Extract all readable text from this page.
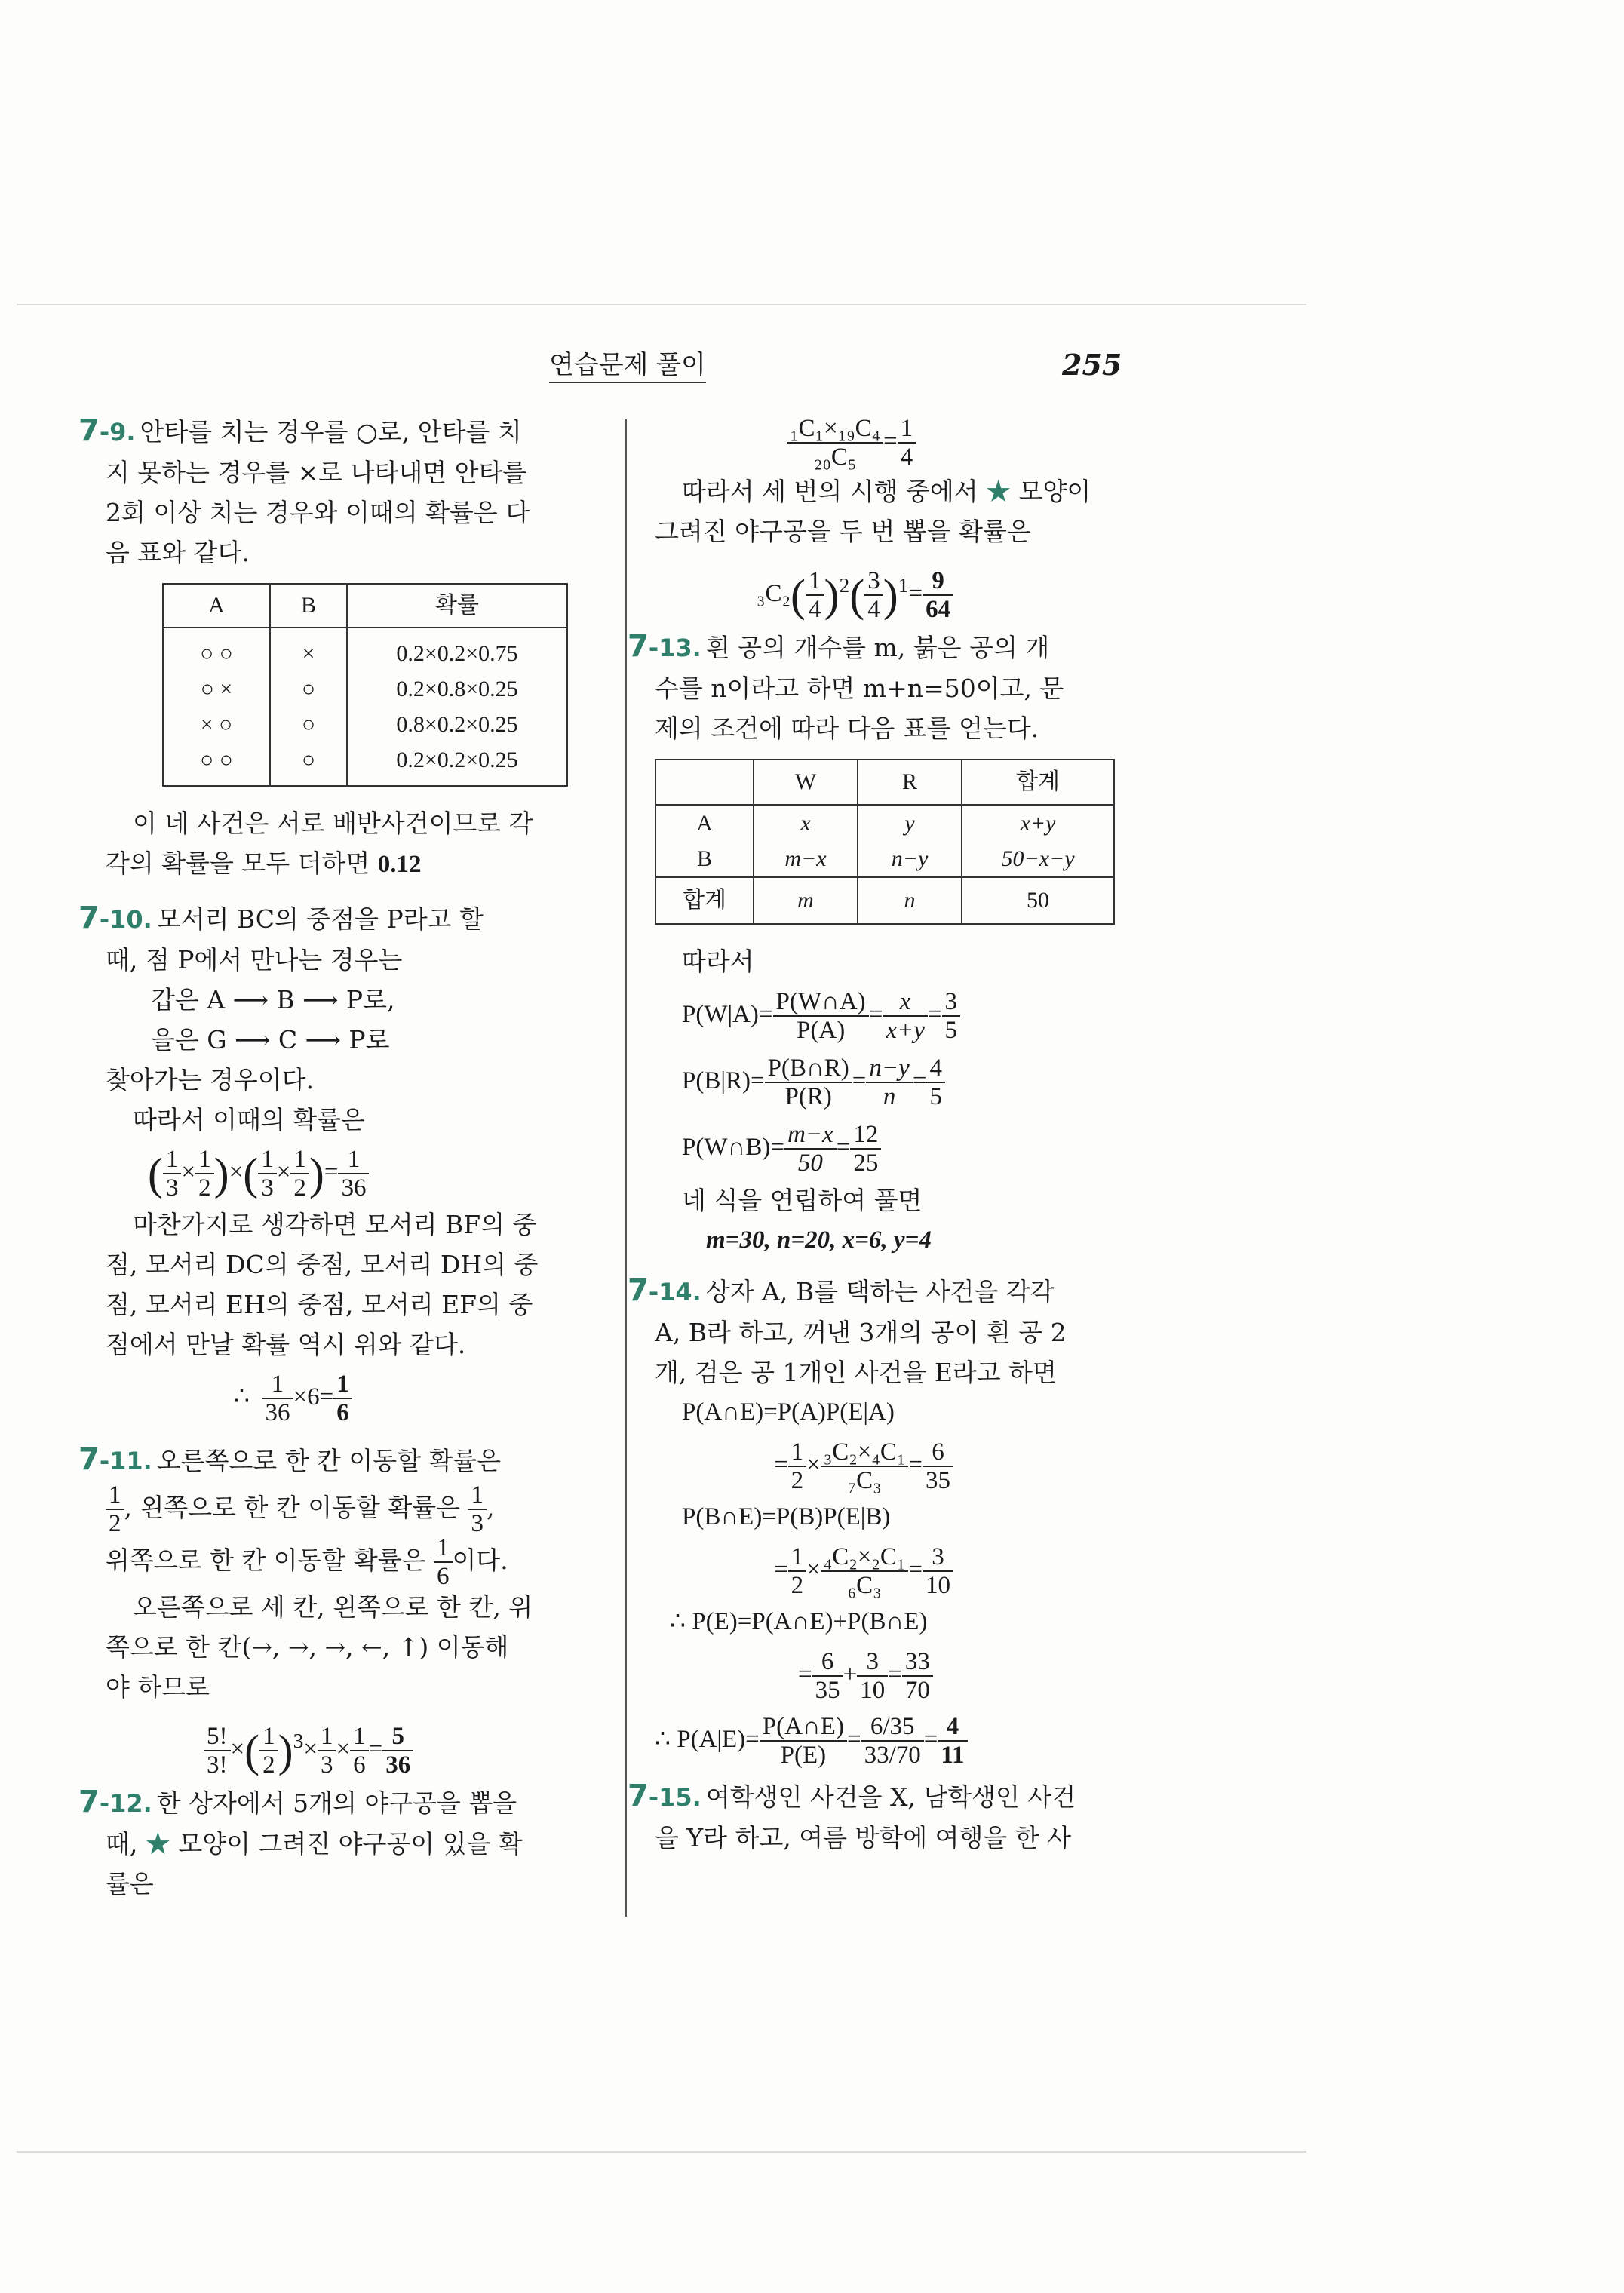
연습문제 풀이	255
7-9. 안타를 치는 경우를 ○로, 안타를 치
지 못하는 경우를 ×로 나타내면 안타를
2회 이상 치는 경우와 이때의 확률은 다
음 표와 같다.
A	B	확률

○ ○	×	0.2×0.2×0.75
○ ×	○	0.2×0.8×0.25
× ○	○	0.8×0.2×0.25
○ ○	○	0.2×0.2×0.25

이 네 사건은 서로 배반사건이므로 각
각의 확률을 모두 더하면 0.12
7-10. 모서리 BC의 중점을 P라고 할
때, 점 P에서 만나는 경우는
갑은 A ⟶ B ⟶ P로,
을은 G ⟶ C ⟶ P로
찾아가는 경우이다.
따라서 이때의 확률은
( $\frac{1}{3} \times \frac{1}{2}$ )×( $\frac{1}{3} \times \frac{1}{2}$ )= $\frac{1}{36}$
마찬가지로 생각하면 모서리 BF의 중
점, 모서리 DC의 중점, 모서리 DH의 중
점, 모서리 EH의 중점, 모서리 EF의 중
점에서 만날 확률 역시 위와 같다.
∴ $\frac{1}{36} \times 6= \frac{1}{6}$
7-11. 오른쪽으로 한 칸 이동할 확률은
$\frac{1}{2}$ , 왼쪽으로 한 칸 이동할 확률은 $\frac{1}{3}$ ,
위쪽으로 한 칸 이동할 확률은 $\frac{1}{6}$ 이다.
오른쪽으로 세 칸, 왼쪽으로 한 칸, 위
쪽으로 한 칸(→, →, →, ←, ↑) 이동해
야 하므로
$\frac{5!}{3!}$ ×( $\frac{1}{2} )^3\times \frac{1}{3} \times \frac{1}{6} = \frac{5}{36}$
7-12. 한 상자에서 5개의 야구공을 뽑을
때, ★ 모양이 그려진 야구공이 있을 확
률은
$\frac{\text{₁C₁×₁₉C₄}}{\text{₂₀C₅}} = \frac{1}{4}$
따라서 세 번의 시행 중에서 ★ 모양이
그려진 야구공을 두 번 뽑을 확률은
$_3C_2( \frac{1}{4} )^2( \frac{3}{4} )^1= \frac{9}{64}$
7-13. 흰 공의 개수를 m, 붉은 공의 개
수를 n이라고 하면 m+n=50이고, 문
제의 조건에 따라 다음 표를 얻는다.
	W	R	합계
A	x	y	x+y
B	m−x	n−y	50−x−y
합계	m	n	50
따라서
$P(W|A)= \frac{P(W\cap A)}{P(A)} = \frac{x}{x+y} = \frac{3}{5}$
$P(B|R)= \frac{P(B\cap R)}{P(R)} = \frac{n-y}{n} = \frac{4}{5}$
P(W∩B)= $\frac{m-x}{50} = \frac{12}{25}$
네 식을 연립하여 풀면
m=30, n=20, x=6, y=4
7-14. 상자 A, B를 택하는 사건을 각각
A, B라 하고, 꺼낸 3개의 공이 흰 공 2
개, 검은 공 1개인 사건을 E라고 하면
P(A∩E)=P(A)P(E|A)
= $\frac{1}{2} \times \frac{\text{₃C₂×₄C₁}}{\text{₇C₃}} = \frac{6}{35}$
P(B∩E)=P(B)P(E|B)
= $\frac{1}{2} \times \frac{\text{₄C₂×₂C₁}}{\text{₆C₃}} = \frac{3}{10}$
∴ P(E)=P(A∩E)+P(B∩E)
= $\frac{6}{35} + \frac{3}{10} = \frac{33}{70}$
∴ $P(A|E)= \frac{P(A\cap E)}{P(E)} = \frac{6/35}{33/70} = \frac{4}{11}$
7-15. 여학생인 사건을 X, 남학생인 사건
을 Y라 하고, 여름 방학에 여행을 한 사
